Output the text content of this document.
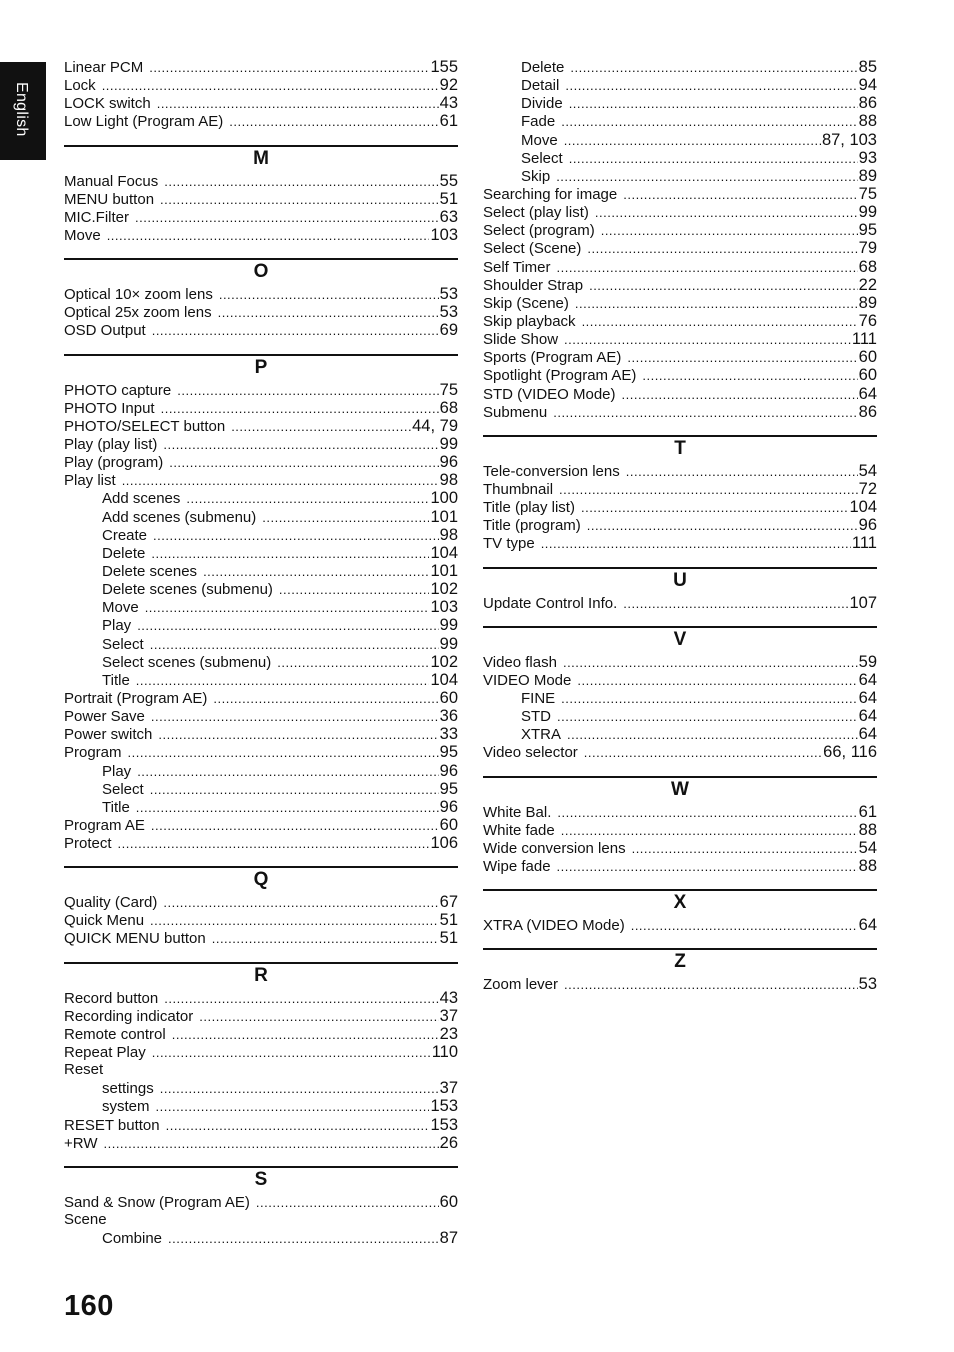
English
Linear PCM .....	155
Lock .....	92
LOCK switch .....	43
Low Light (Program AE) .....	61
M
Manual Focus .....	55
MENU button .....	51
MIC.Filter .....	63
Move .....	103
O
Optical 10× zoom lens .....	53
Optical 25x zoom lens .....	53
OSD Output .....	69
P
PHOTO capture .....	75
PHOTO Input .....	68
PHOTO/SELECT button .....	44, 79
Play (play list) .....	99
Play (program) .....	96
Play list .....	98
Add scenes .....	100
Add scenes (submenu) .....	101
Create .....	98
Delete .....	104
Delete scenes .....	101
Delete scenes (submenu) .....	102
Move .....	103
Play .....	99
Select .....	99
Select scenes (submenu) .....	102
Title .....	104
Portrait (Program AE) .....	60
Power Save .....	36
Power switch .....	33
Program .....	95
Play .....	96
Select .....	95
Title .....	96
Program AE .....	60
Protect .....	106
Q
Quality (Card) .....	67
Quick Menu .....	51
QUICK MENU button .....	51
R
Record button .....	43
Recording indicator .....	37
Remote control .....	23
Repeat Play .....	110
Reset
settings .....	37
system .....	153
RESET button .....	153
+RW .....	26
S
Sand & Snow (Program AE) .....	60
Scene
Combine .....	87
Delete .....	85
Detail .....	94
Divide .....	86
Fade .....	88
Move .....	87, 103
Select .....	93
Skip .....	89
Searching for image .....	75
Select (play list) .....	99
Select (program) .....	95
Select (Scene) .....	79
Self Timer .....	68
Shoulder Strap .....	22
Skip (Scene) .....	89
Skip playback .....	76
Slide Show .....	111
Sports (Program AE) .....	60
Spotlight (Program AE) .....	60
STD (VIDEO Mode) .....	64
Submenu .....	86
T
Tele-conversion lens .....	54
Thumbnail .....	72
Title (play list) .....	104
Title (program) .....	96
TV type .....	111
U
Update Control Info. .....	107
V
Video flash .....	59
VIDEO Mode .....	64
FINE .....	64
STD .....	64
XTRA .....	64
Video selector .....	66, 116
W
White Bal. .....	61
White fade .....	88
Wide conversion lens .....	54
Wipe fade .....	88
X
XTRA (VIDEO Mode) .....	64
Z
Zoom lever .....	53
160
